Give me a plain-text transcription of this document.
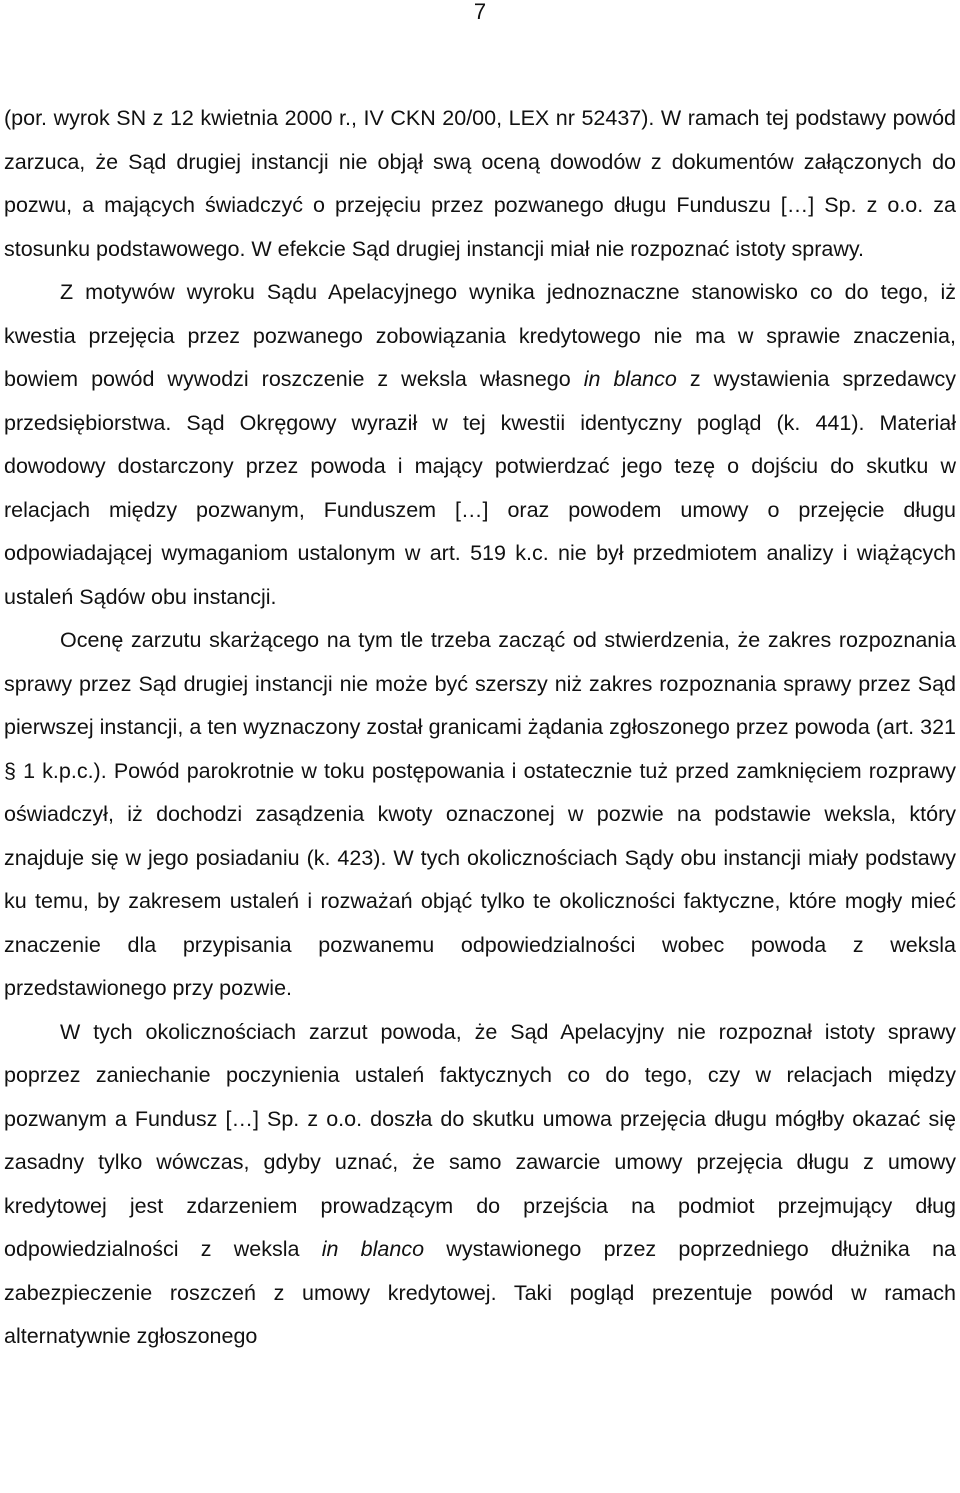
7

(por. wyrok SN z 12 kwietnia 2000 r., IV CKN 20/00, LEX nr 52437). W ramach tej podstawy powód zarzuca, że Sąd drugiej instancji nie objął swą oceną dowodów z dokumentów załączonych do pozwu, a mających świadczyć o przejęciu przez pozwanego długu Funduszu […] Sp. z o.o. za stosunku podstawowego. W efekcie Sąd drugiej instancji miał nie rozpoznać istoty sprawy.

Z motywów wyroku Sądu Apelacyjnego wynika jednoznaczne stanowisko co do tego, iż kwestia przejęcia przez pozwanego zobowiązania kredytowego nie ma w sprawie znaczenia, bowiem powód wywodzi roszczenie z weksla własnego in blanco z wystawienia sprzedawcy przedsiębiorstwa. Sąd Okręgowy wyraził w tej kwestii identyczny pogląd (k. 441). Materiał dowodowy dostarczony przez powoda i mający potwierdzać jego tezę o dojściu do skutku w relacjach między pozwanym, Funduszem […] oraz powodem umowy o przejęcie długu odpowiadającej wymaganiom ustalonym w art. 519 k.c. nie był przedmiotem analizy i wiążących ustaleń Sądów obu instancji.

Ocenę zarzutu skarżącego na tym tle trzeba zacząć od stwierdzenia, że zakres rozpoznania sprawy przez Sąd drugiej instancji nie może być szerszy niż zakres rozpoznania sprawy przez Sąd pierwszej instancji, a ten wyznaczony został granicami żądania zgłoszonego przez powoda (art. 321 § 1 k.p.c.). Powód parokrotnie w toku postępowania i ostatecznie tuż przed zamknięciem rozprawy oświadczył, iż dochodzi zasądzenia kwoty oznaczonej w pozwie na podstawie weksla, który znajduje się w jego posiadaniu (k. 423). W tych okolicznościach Sądy obu instancji miały podstawy ku temu, by zakresem ustaleń i rozważań objąć tylko te okoliczności faktyczne, które mogły mieć znaczenie dla przypisania pozwanemu odpowiedzialności wobec powoda z weksla przedstawionego przy pozwie.

W tych okolicznościach zarzut powoda, że Sąd Apelacyjny nie rozpoznał istoty sprawy poprzez zaniechanie poczynienia ustaleń faktycznych co do tego, czy w relacjach między pozwanym a Fundusz […] Sp. z o.o. doszła do skutku umowa przejęcia długu mógłby okazać się zasadny tylko wówczas, gdyby uznać, że samo zawarcie umowy przejęcia długu z umowy kredytowej jest zdarzeniem prowadzącym do przejścia na podmiot przejmujący dług odpowiedzialności z weksla in blanco wystawionego przez poprzedniego dłużnika na zabezpieczenie roszczeń z umowy kredytowej. Taki pogląd prezentuje powód w ramach alternatywnie zgłoszonego
